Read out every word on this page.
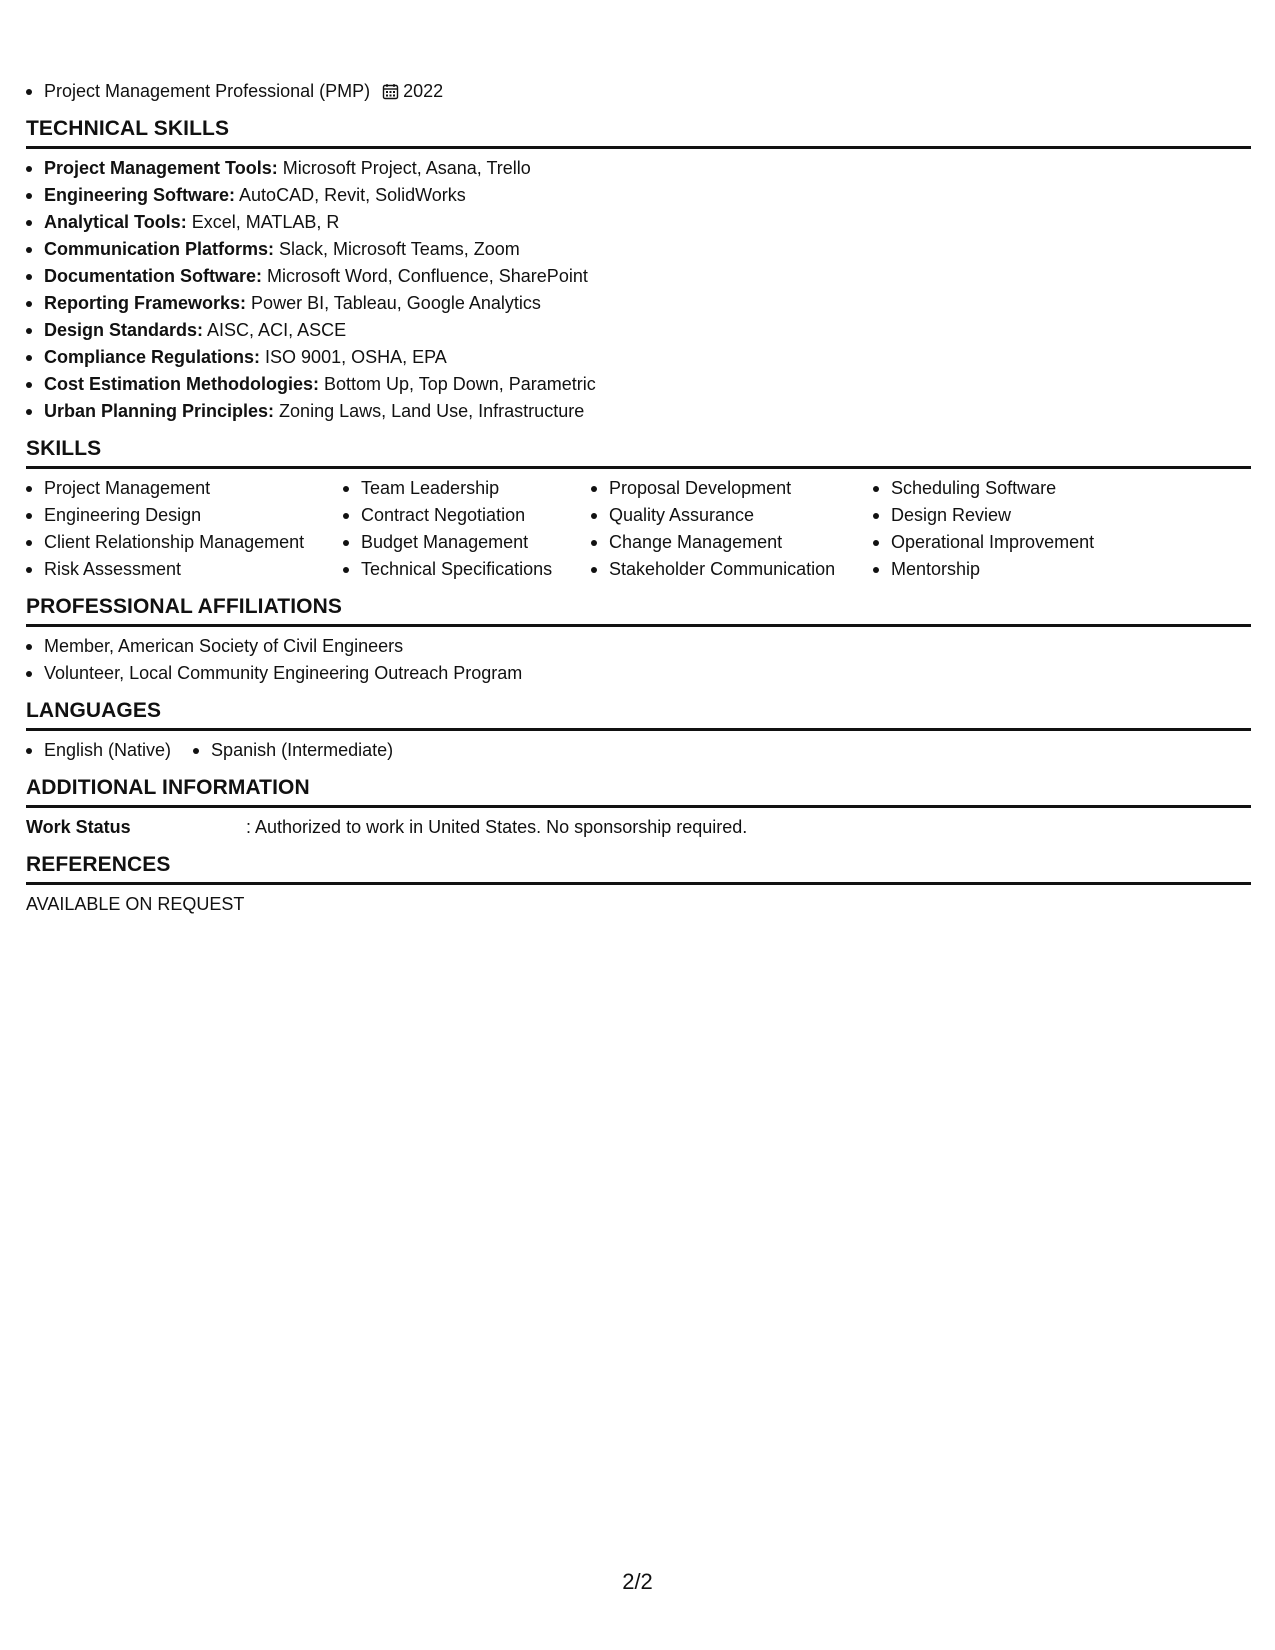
Project Management Professional (PMP) 2022
TECHNICAL SKILLS
Project Management Tools: Microsoft Project, Asana, Trello
Engineering Software: AutoCAD, Revit, SolidWorks
Analytical Tools: Excel, MATLAB, R
Communication Platforms: Slack, Microsoft Teams, Zoom
Documentation Software: Microsoft Word, Confluence, SharePoint
Reporting Frameworks: Power BI, Tableau, Google Analytics
Design Standards: AISC, ACI, ASCE
Compliance Regulations: ISO 9001, OSHA, EPA
Cost Estimation Methodologies: Bottom Up, Top Down, Parametric
Urban Planning Principles: Zoning Laws, Land Use, Infrastructure
SKILLS
Project Management
Engineering Design
Client Relationship Management
Risk Assessment
Team Leadership
Contract Negotiation
Budget Management
Technical Specifications
Proposal Development
Quality Assurance
Change Management
Stakeholder Communication
Scheduling Software
Design Review
Operational Improvement
Mentorship
PROFESSIONAL AFFILIATIONS
Member, American Society of Civil Engineers
Volunteer, Local Community Engineering Outreach Program
LANGUAGES
English (Native)	Spanish (Intermediate)
ADDITIONAL INFORMATION
Work Status	: Authorized to work in United States. No sponsorship required.
REFERENCES
AVAILABLE ON REQUEST
2/2
